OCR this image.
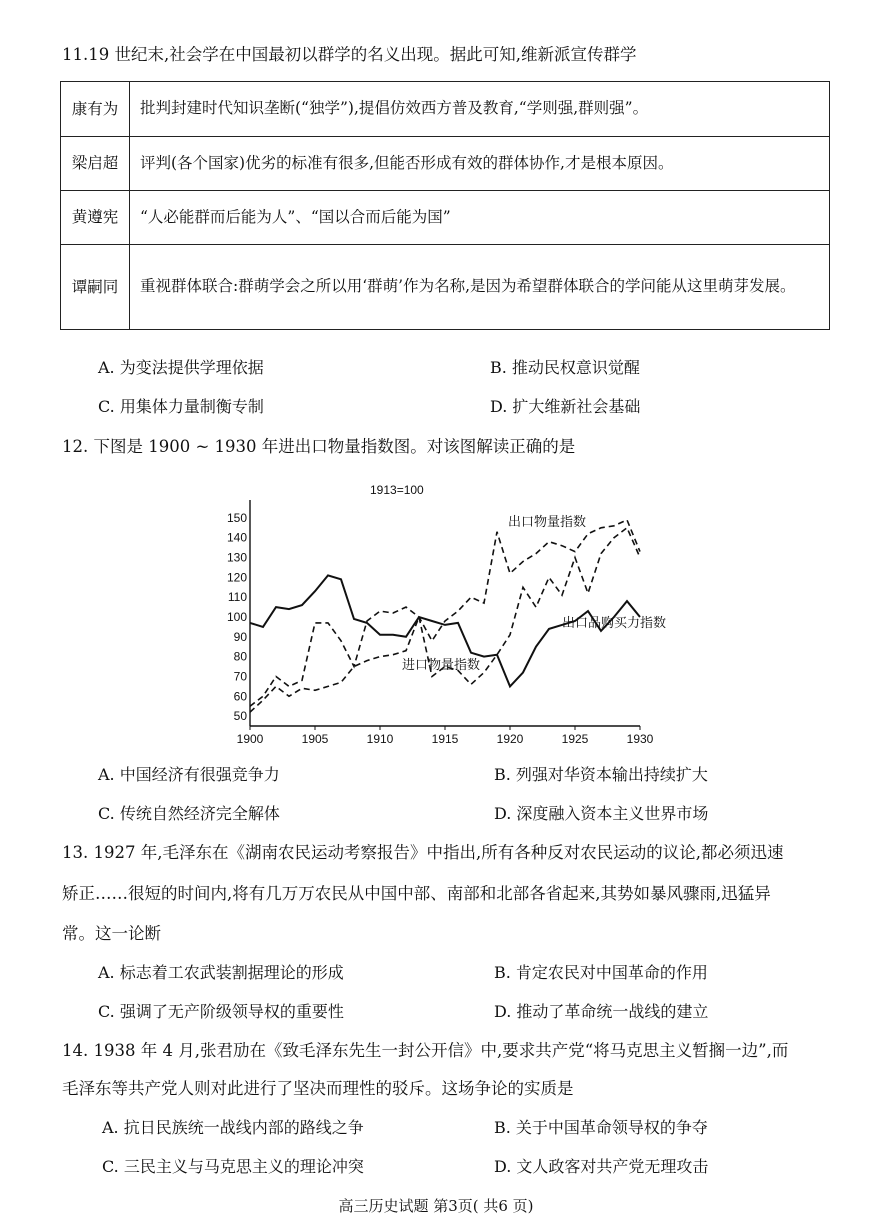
11.19 世纪末,社会学在中国最初以群学的名义出现。据此可知,维新派宣传群学
康有为	批判封建时代知识垄断(“独学”),提倡仿效西方普及教育,“学则强,群则强”。
梁启超	评判(各个国家)优劣的标准有很多,但能否形成有效的群体协作,才是根本原因。
黄遵宪	“人必能群而后能为人”、“国以合而后能为国”
谭嗣同	重视群体联合:群萌学会之所以用‘群萌’作为名称,是因为希望群体联合的学问能从这里萌芽发展。
A. 为变法提供学理依据	B. 推动民权意识觉醒
C. 用集体力量制衡专制	D. 扩大维新社会基础
12. 下图是 1900 ~ 1930 年进出口物量指数图。对该图解读正确的是
50
60
70
80
90
100
110
120
130
140
150
1900	1905	1910	1915	1920	1925	1930
1913=100
出口物量指数
进口物量指数
出口品购买力指数
A. 中国经济有很强竞争力	B. 列强对华资本输出持续扩大
C. 传统自然经济完全解体	D. 深度融入资本主义世界市场
13. 1927 年,毛泽东在《湖南农民运动考察报告》中指出,所有各种反对农民运动的议论,都必须迅速
矫正……很短的时间内,将有几万万农民从中国中部、南部和北部各省起来,其势如暴风骤雨,迅猛异
常。这一论断
A. 标志着工农武装割据理论的形成	B. 肯定农民对中国革命的作用
C. 强调了无产阶级领导权的重要性	D. 推动了革命统一战线的建立
14. 1938 年 4 月,张君劢在《致毛泽东先生一封公开信》中,要求共产党“将马克思主义暂搁一边”,而
毛泽东等共产党人则对此进行了坚决而理性的驳斥。这场争论的实质是
A. 抗日民族统一战线内部的路线之争	B. 关于中国革命领导权的争夺
C. 三民主义与马克思主义的理论冲突	D. 文人政客对共产党无理攻击
高三历史试题 第3页( 共6 页)
